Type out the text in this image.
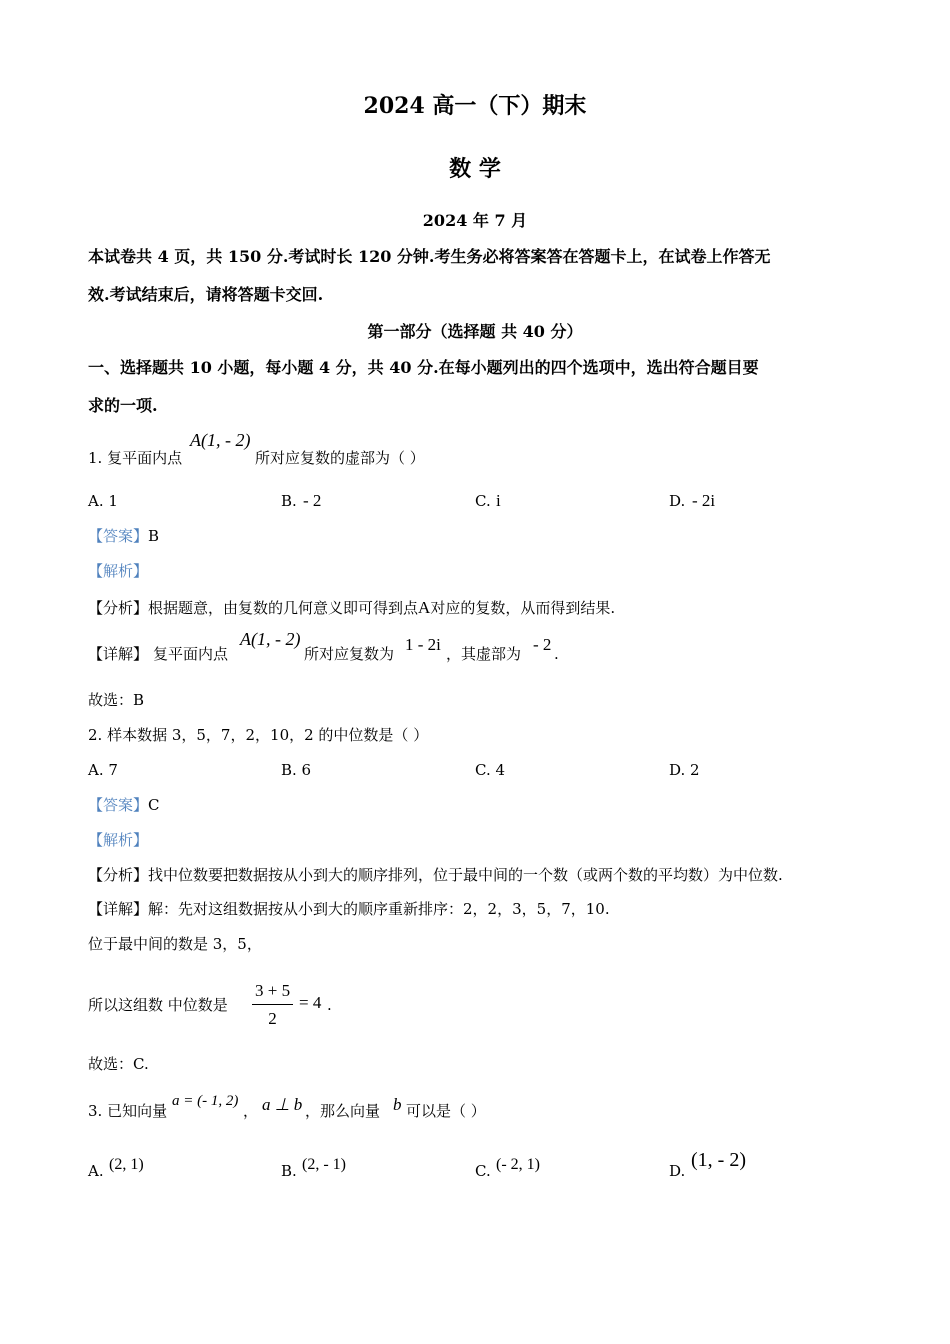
2024 高一（下）期末
数 学
2024 年 7 月
本试卷共 4 页，共 150 分.考试时长 120 分钟.考生务必将答案答在答题卡上，在试卷上作答无
效.考试结束后，请将答题卡交回.
第一部分（选择题 共 40 分）
一、选择题共 10 小题，每小题 4 分，共 40 分.在每小题列出的四个选项中，选出符合题目要
求的一项.
1. 复平面内点
A(1, - 2)
所对应复数的虚部为（ ）
A. 1	B. - 2	C. i	D. - 2i
【答案】B
【解析】
【分析】根据题意，由复数的几何意义即可得到点A对应的复数，从而得到结果.
【详解】 复平面内点
A(1, - 2)
所对应复数为 1 - 2i ，其虚部为 - 2 .
故选：B
2. 样本数据 3，5，7，2，10，2 的中位数是（ ）
A. 7	B. 6	C. 4	D. 2
【答案】C
【解析】
【分析】找中位数要把数据按从小到大的顺序排列，位于最中间的一个数（或两个数的平均数）为中位数.
【详解】解：先对这组数据按从小到大的顺序重新排序：2，2，3，5，7，10.
位于最中间的数是 3，5，
所以这组数 中位数是
3 + 5
2
= 4 .
故选：C.
3. 已知向量
a = (- 1, 2)
， a ⊥ b ，那么向量 b 可以是（ ）
A. (2, 1)	B. (2, - 1)	C. (- 2, 1)	D. (1, - 2)
